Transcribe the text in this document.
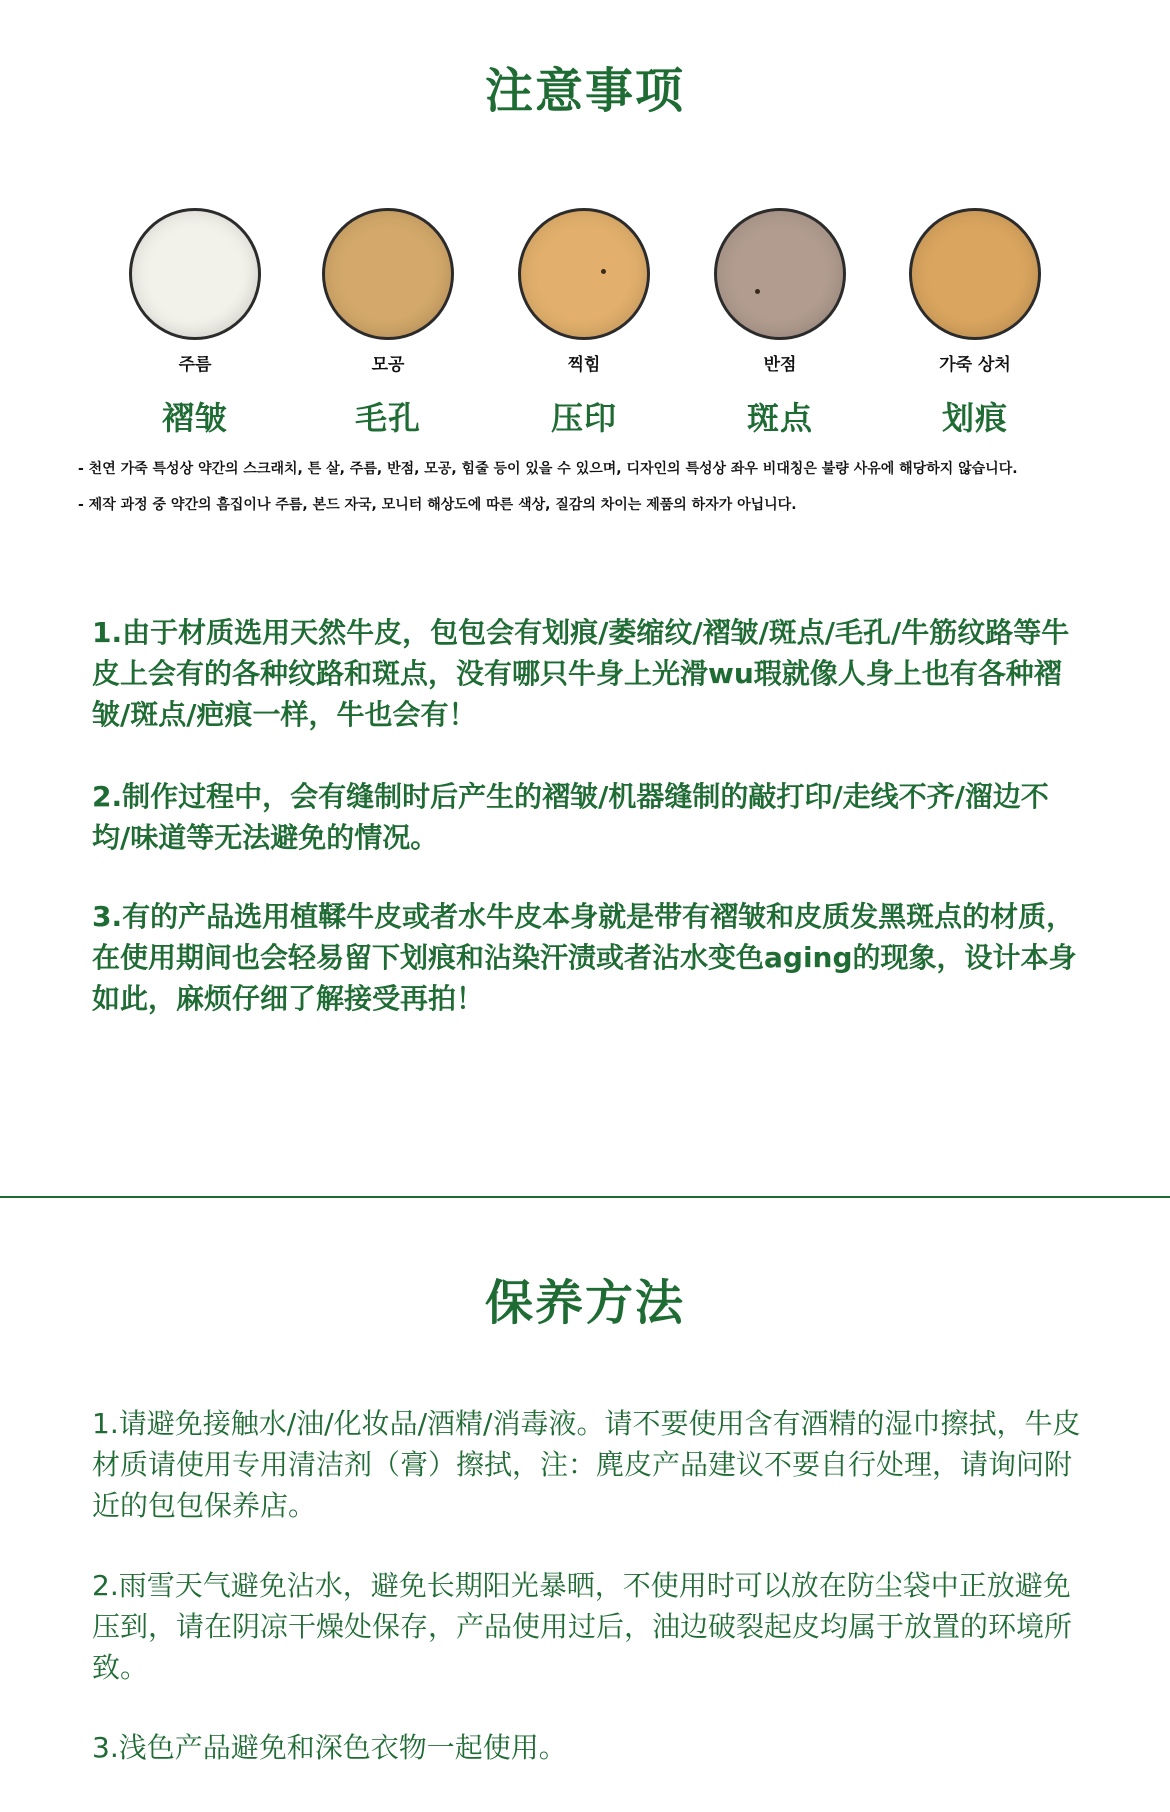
注意事项
주름
褶皱
모공
毛孔
찍힘
压印
반점
斑点
가죽 상처
划痕
- 천연 가죽 특성상 약간의 스크래치, 튼 살, 주름, 반점, 모공, 힘줄 등이 있을 수 있으며, 디자인의 특성상 좌우 비대칭은 불량 사유에 해당하지 않습니다.
- 제작 과정 중 약간의 흠집이나 주름, 본드 자국, 모니터 해상도에 따른 색상, 질감의 차이는 제품의 하자가 아닙니다.
1.由于材质选用天然牛皮，包包会有划痕/萎缩纹/褶皱/斑点/毛孔/牛筋纹路等牛皮上会有的各种纹路和斑点，没有哪只牛身上光滑wu瑕就像人身上也有各种褶皱/斑点/疤痕一样，牛也会有！
2.制作过程中，会有缝制时后产生的褶皱/机器缝制的敲打印/走线不齐/溜边不均/味道等无法避免的情况。
3.有的产品选用植鞣牛皮或者水牛皮本身就是带有褶皱和皮质发黑斑点的材质，在使用期间也会轻易留下划痕和沾染汗渍或者沾水变色aging的现象，设计本身如此，麻烦仔细了解接受再拍！
保养方法
1.请避免接触水/油/化妆品/酒精/消毒液。请不要使用含有酒精的湿巾擦拭，牛皮材质请使用专用清洁剂（膏）擦拭，注：麂皮产品建议不要自行处理，请询问附近的包包保养店。
2.雨雪天气避免沾水，避免长期阳光暴晒，不使用时可以放在防尘袋中正放避免压到，请在阴凉干燥处保存，产品使用过后，油边破裂起皮均属于放置的环境所致。
3.浅色产品避免和深色衣物一起使用。
